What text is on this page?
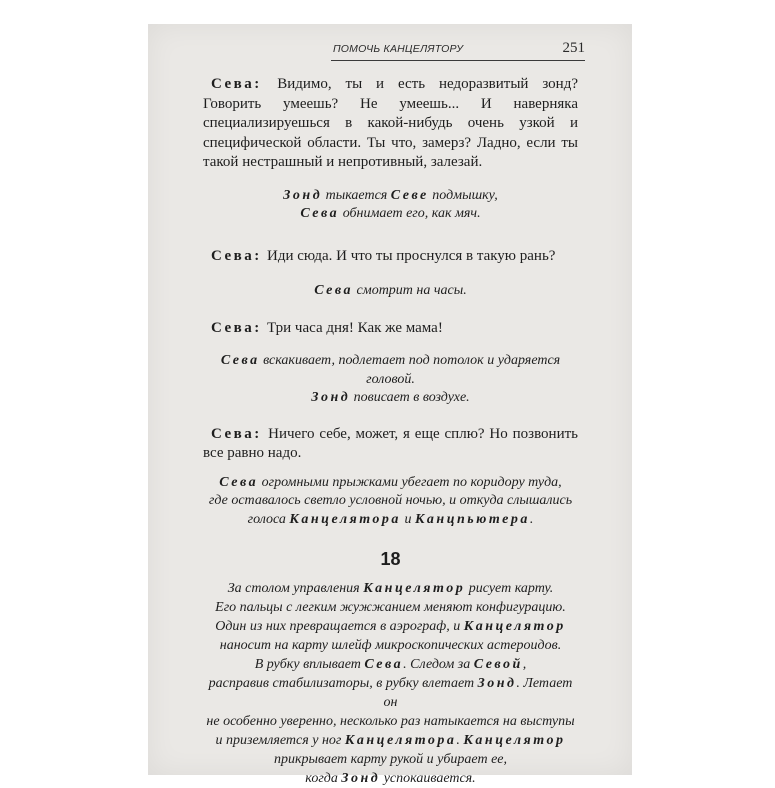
ПОМОЧЬ КАНЦЕЛЯТОРУ	251

Сева: Видимо, ты и есть недоразвитый зонд? Говорить умеешь? Не умеешь... И наверняка специализируешься в какой-нибудь очень узкой и специфической области. Ты что, замерз? Ладно, если ты такой нестрашный и непротивный, залезай.

Зонд тыкается Севе подмышку,
Сева обнимает его, как мяч.

Сева: Иди сюда. И что ты проснулся в такую рань?

Сева смотрит на часы.

Сева: Три часа дня! Как же мама!

Сева вскакивает, подлетает под потолок и ударяется головой.
Зонд повисает в воздухе.

Сева: Ничего себе, может, я еще сплю? Но позвонить все равно надо.

Сева огромными прыжками убегает по коридору туда,
где оставалось светло условной ночью, и откуда слышались
голоса Канцелятора и Канцпьютера.

18

За столом управления Канцелятор рисует карту.
Его пальцы с легким жужжанием меняют конфигурацию.
Один из них превращается в аэрограф, и Канцелятор
наносит на карту шлейф микроскопических астероидов.
В рубку вплывает Сева. Следом за Севой,
расправив стабилизаторы, в рубку влетает Зонд. Летает он
не особенно уверенно, несколько раз натыкается на выступы
и приземляется у ног Канцелятора. Канцелятор
прикрывает карту рукой и убирает ее,
когда Зонд успокаивается.
